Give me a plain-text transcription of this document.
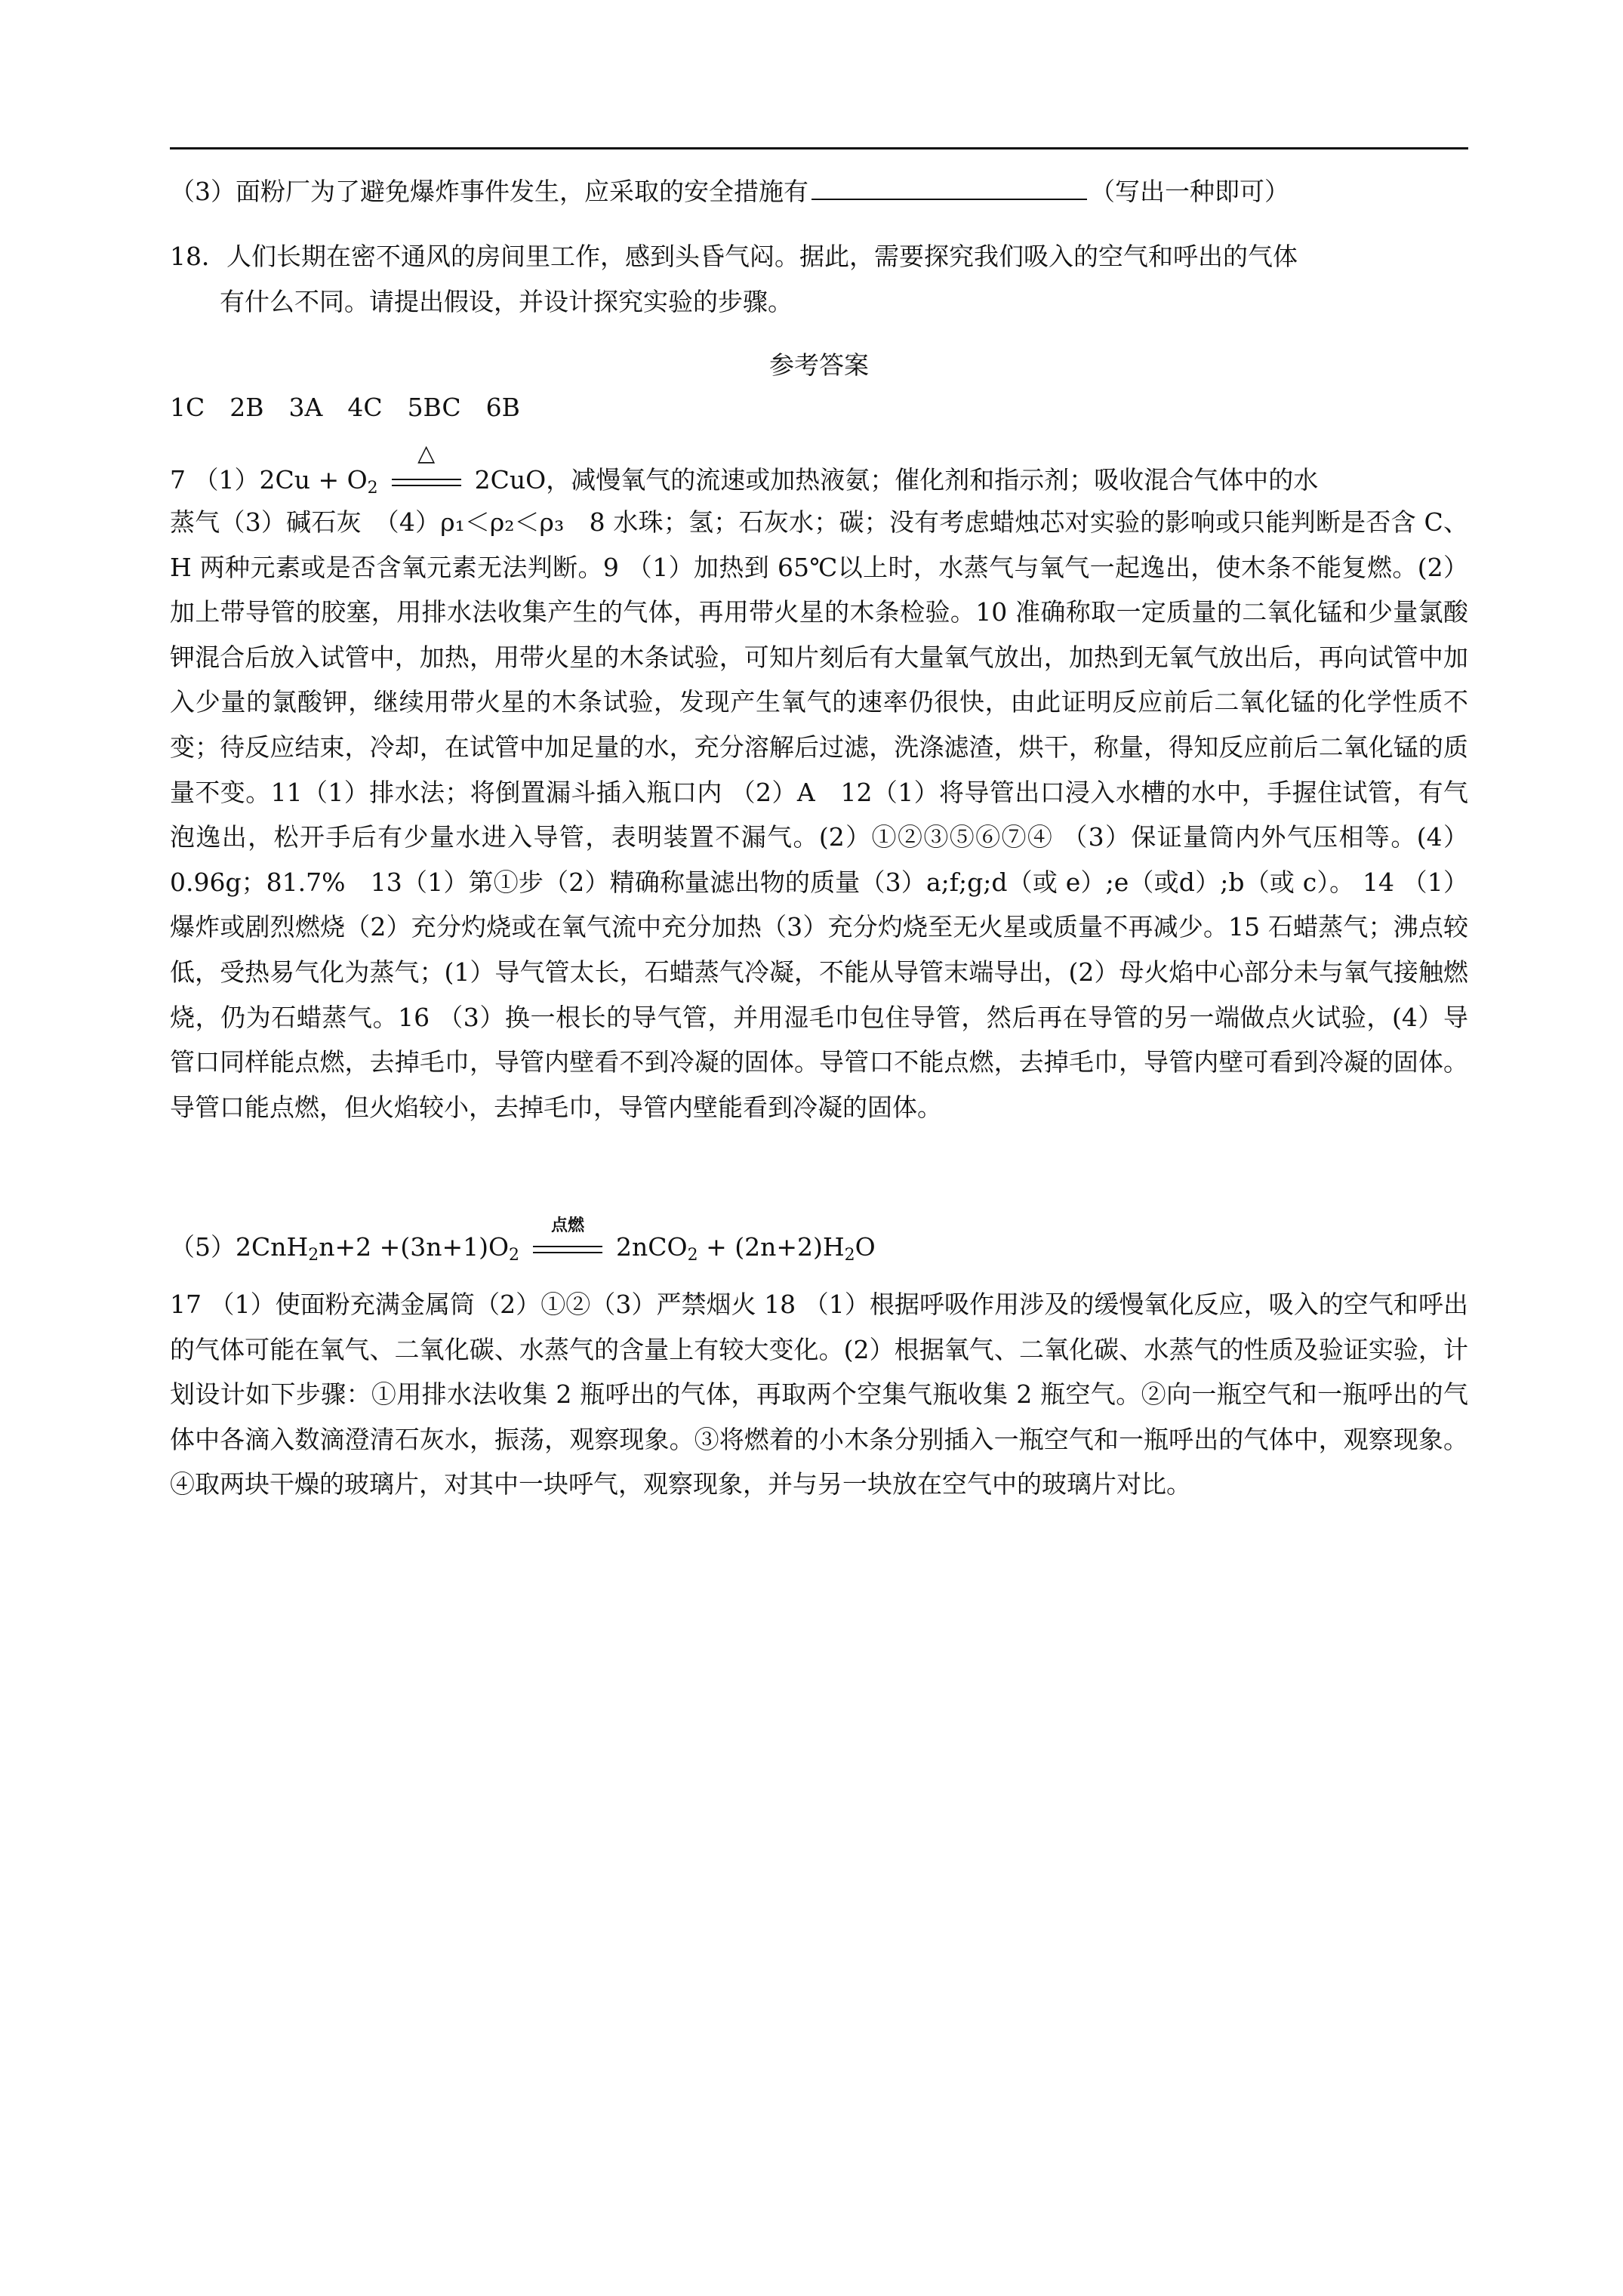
（3）面粉厂为了避免爆炸事件发生，应采取的安全措施有	（写出一种即可）
18．人们长期在密不通风的房间里工作，感到头昏气闷。据此，需要探究我们吸入的空气和呼出的气体
有什么不同。请提出假设，并设计探究实验的步骤。
参考答案
1C　2B　3A　4C　5BC　6B
7 $(1)2Cu + O_2$
△
2CuO，减慢氧气的流速或加热液氨；催化剂和指示剂；吸收混合气体中的水
蒸气（3）碱石灰　（4）ρ₁＜ρ₂＜ρ₃　8 水珠；氢；石灰水；碳；没有考虑蜡烛芯对实验的影响或只能判断是否含 C、H 两种元素或是否含氧元素无法判断。9 （1）加热到 65℃以上时，水蒸气与氧气一起逸出，使木条不能复燃。(2）加上带导管的胶塞，用排水法收集产生的气体，再用带火星的木条检验。10 准确称取一定质量的二氧化锰和少量氯酸钾混合后放入试管中，加热，用带火星的木条试验，可知片刻后有大量氧气放出，加热到无氧气放出后，再向试管中加入少量的氯酸钾，继续用带火星的木条试验，发现产生氧气的速率仍很快，由此证明反应前后二氧化锰的化学性质不变；待反应结束，冷却，在试管中加足量的水，充分溶解后过滤，洗涤滤渣，烘干，称量，得知反应前后二氧化锰的质量不变。11（1）排水法；将倒置漏斗插入瓶口内 （2）A　12（1）将导管出口浸入水槽的水中，手握住试管，有气泡逸出，松开手后有少量水进入导管，表明装置不漏气。(2）①②③⑤⑥⑦④ （3）保证量筒内外气压相等。(4）0.96g；81.7%　13（1）第①步（2）精确称量滤出物的质量（3）a;f;g;d（或 e）;e（或d）;b（或 c）。 14 （1）爆炸或剧烈燃烧（2）充分灼烧或在氧气流中充分加热（3）充分灼烧至无火星或质量不再减少。15 石蜡蒸气；沸点较低，受热易气化为蒸气；(1）导气管太长，石蜡蒸气冷凝，不能从导管末端导出，(2）母火焰中心部分未与氧气接触燃烧，仍为石蜡蒸气。16 （3）换一根长的导气管，并用湿毛巾包住导管，然后再在导管的另一端做点火试验，(4）导管口同样能点燃，去掉毛巾，导管内壁看不到冷凝的固体。导管口不能点燃，去掉毛巾，导管内壁可看到冷凝的固体。导管口能点燃，但火焰较小，去掉毛巾，导管内壁能看到冷凝的固体。
$(5)2CnH_2n+2 +(3n+1)O_2$
点燃
$2nCO_2 + (2n+2)H_2O$
17 （1）使面粉充满金属筒（2）①②（3）严禁烟火 18 （1）根据呼吸作用涉及的缓慢氧化反应，吸入的空气和呼出的气体可能在氧气、二氧化碳、水蒸气的含量上有较大变化。(2）根据氧气、二氧化碳、水蒸气的性质及验证实验，计划设计如下步骤：①用排水法收集 2 瓶呼出的气体，再取两个空集气瓶收集 2 瓶空气。②向一瓶空气和一瓶呼出的气体中各滴入数滴澄清石灰水，振荡，观察现象。③将燃着的小木条分别插入一瓶空气和一瓶呼出的气体中，观察现象。④取两块干燥的玻璃片，对其中一块呼气，观察现象，并与另一块放在空气中的玻璃片对比。
